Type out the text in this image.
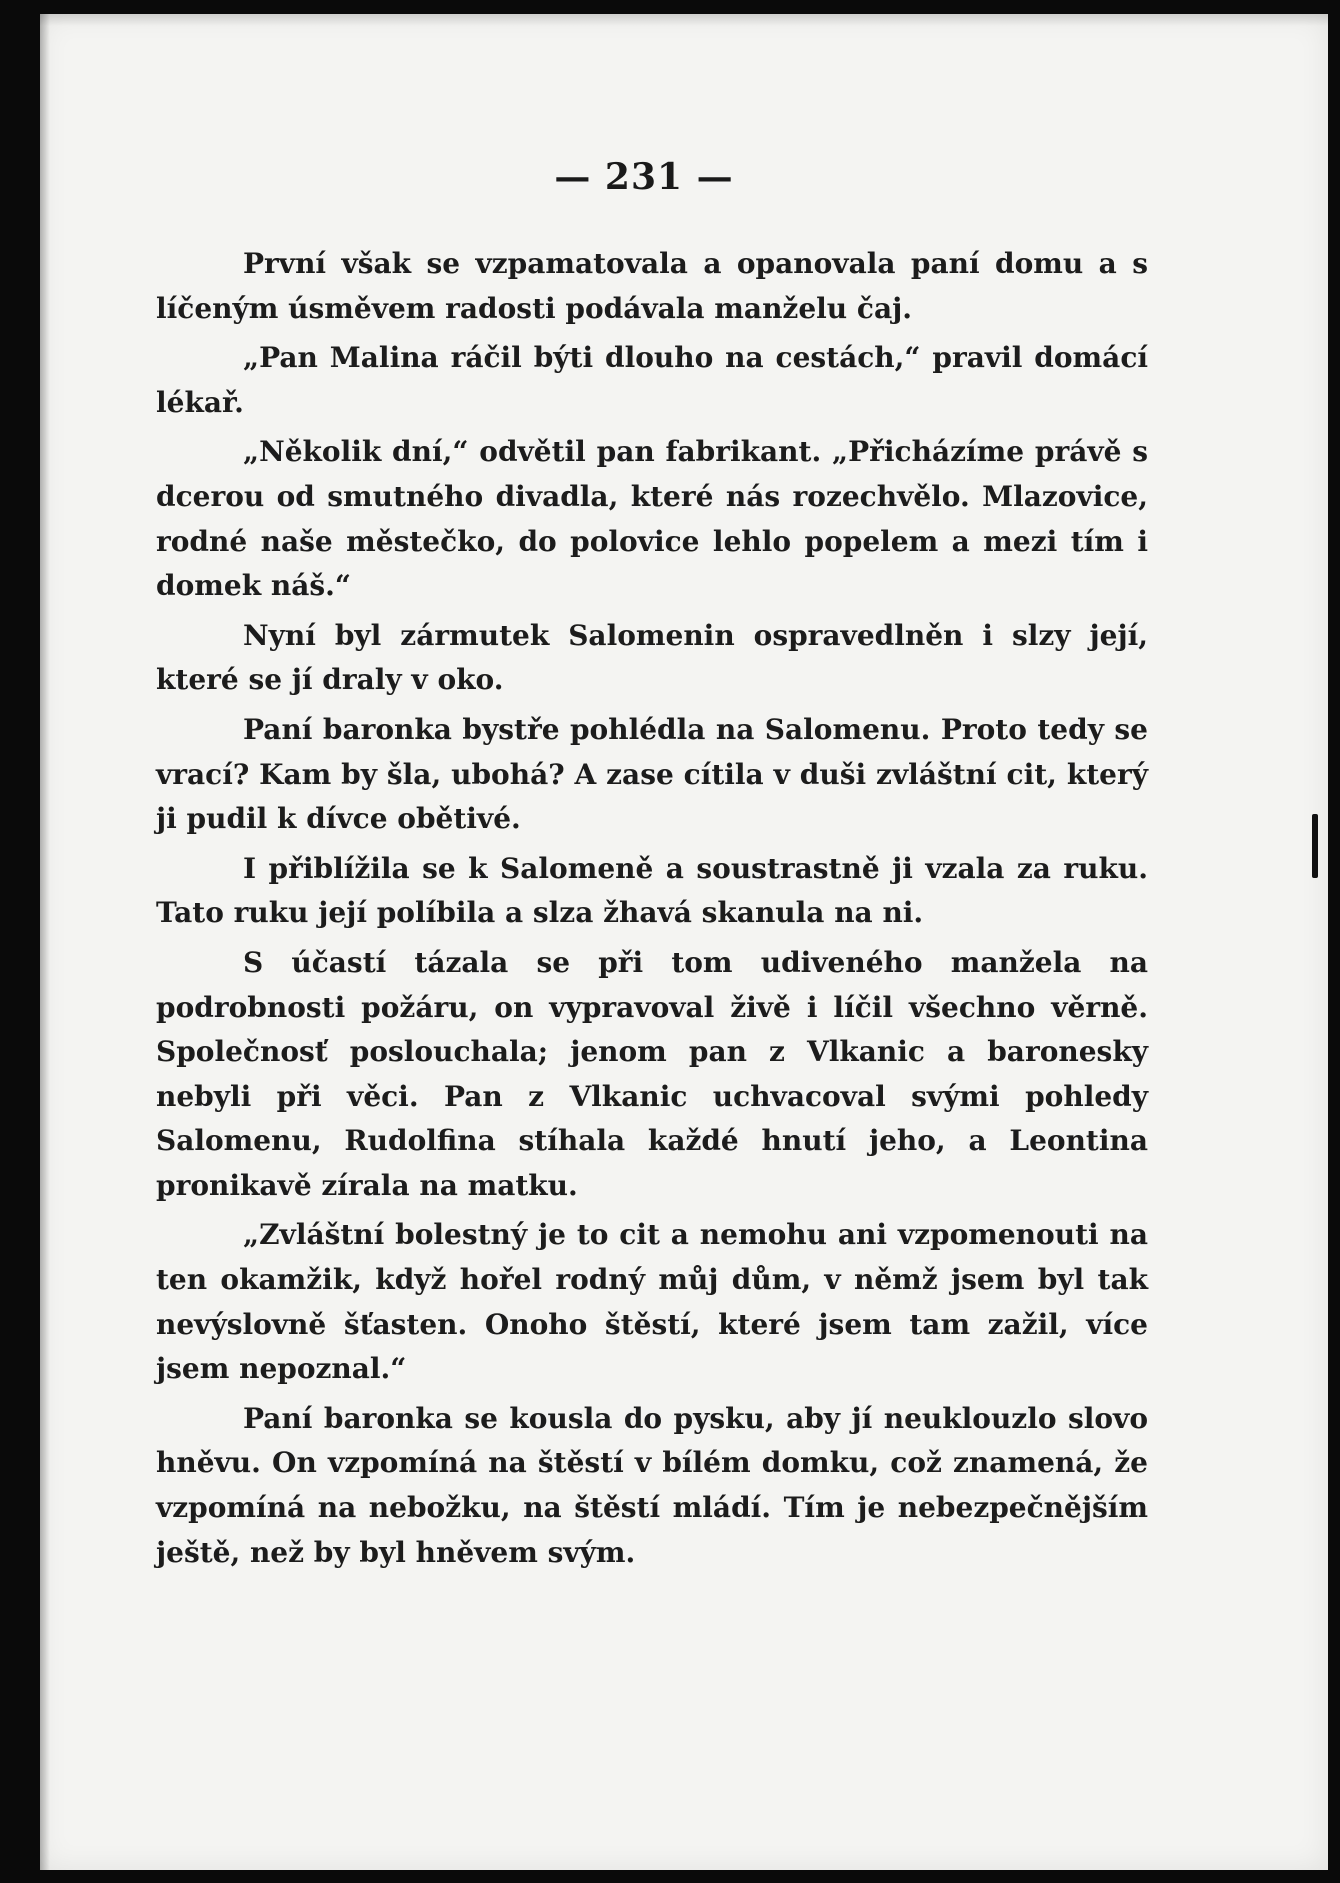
— 231 —

První však se vzpamatovala a opanovala paní domu a s líčeným úsměvem radosti podávala manželu čaj.

„Pan Malina ráčil býti dlouho na cestách,“ pravil domácí lékař.

„Několik dní,“ odvětil pan fabrikant. „Přicházíme právě s dcerou od smutného divadla, které nás rozechvělo. Mlazovice, rodné naše městečko, do polovice lehlo popelem a mezi tím i domek náš.“

Nyní byl zármutek Salomenin ospravedlněn i slzy její, které se jí draly v oko.

Paní baronka bystře pohlédla na Salomenu. Proto tedy se vrací? Kam by šla, ubohá? A zase cítila v duši zvláštní cit, který ji pudil k dívce obětivé.

I přiblížila se k Salomeně a soustrastně ji vzala za ruku. Tato ruku její políbila a slza žhavá skanula na ni.

S účastí tázala se při tom udiveného manžela na podrobnosti požáru, on vypravoval živě i líčil všechno věrně. Společnosť poslouchala; jenom pan z Vlkanic a baronesky nebyli při věci. Pan z Vlkanic uchvacoval svými pohledy Salomenu, Rudolfina stíhala každé hnutí jeho, a Leontina pronikavě zírala na matku.

„Zvláštní bolestný je to cit a nemohu ani vzpomenouti na ten okamžik, když hořel rodný můj dům, v němž jsem byl tak nevýslovně šťasten. Onoho štěstí, které jsem tam zažil, více jsem nepoznal.“

Paní baronka se kousla do pysku, aby jí neuklouzlo slovo hněvu. On vzpomíná na štěstí v bílém domku, což znamená, že vzpomíná na nebožku, na štěstí mládí. Tím je nebezpečnějším ještě, než by byl hněvem svým.
